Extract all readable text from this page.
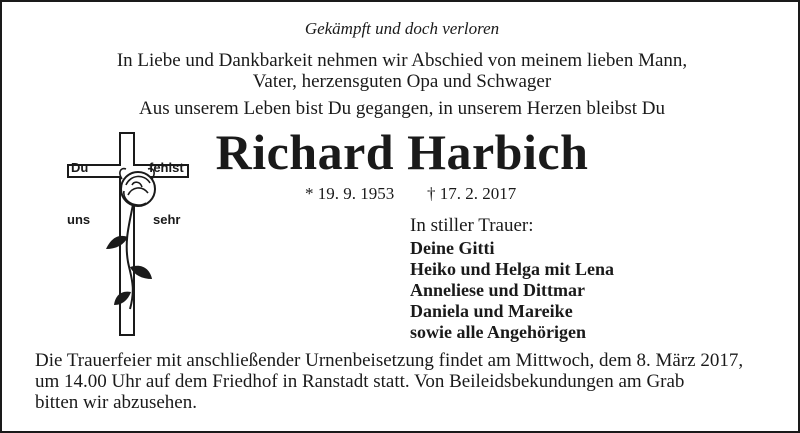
Gekämpft und doch verloren
In Liebe und Dankbarkeit nehmen wir Abschied von meinem lieben Mann,
Vater, herzensguten Opa und Schwager
Aus unserem Leben bist Du gegangen, in unserem Herzen bleibst Du
Richard Harbich
* 19. 9. 1953 † 17. 2. 2017
Du	fehlst
uns	sehr	In stiller Trauer:
Deine Gitti
Heiko und Helga mit Lena
Anneliese und Dittmar
Daniela und Mareike
sowie alle Angehörigen
Die Trauerfeier mit anschließender Urnenbeisetzung findet am Mittwoch, dem 8. März 2017,
um 14.00 Uhr auf dem Friedhof in Ranstadt statt. Von Beileidsbekundungen am Grab
bitten wir abzusehen.
